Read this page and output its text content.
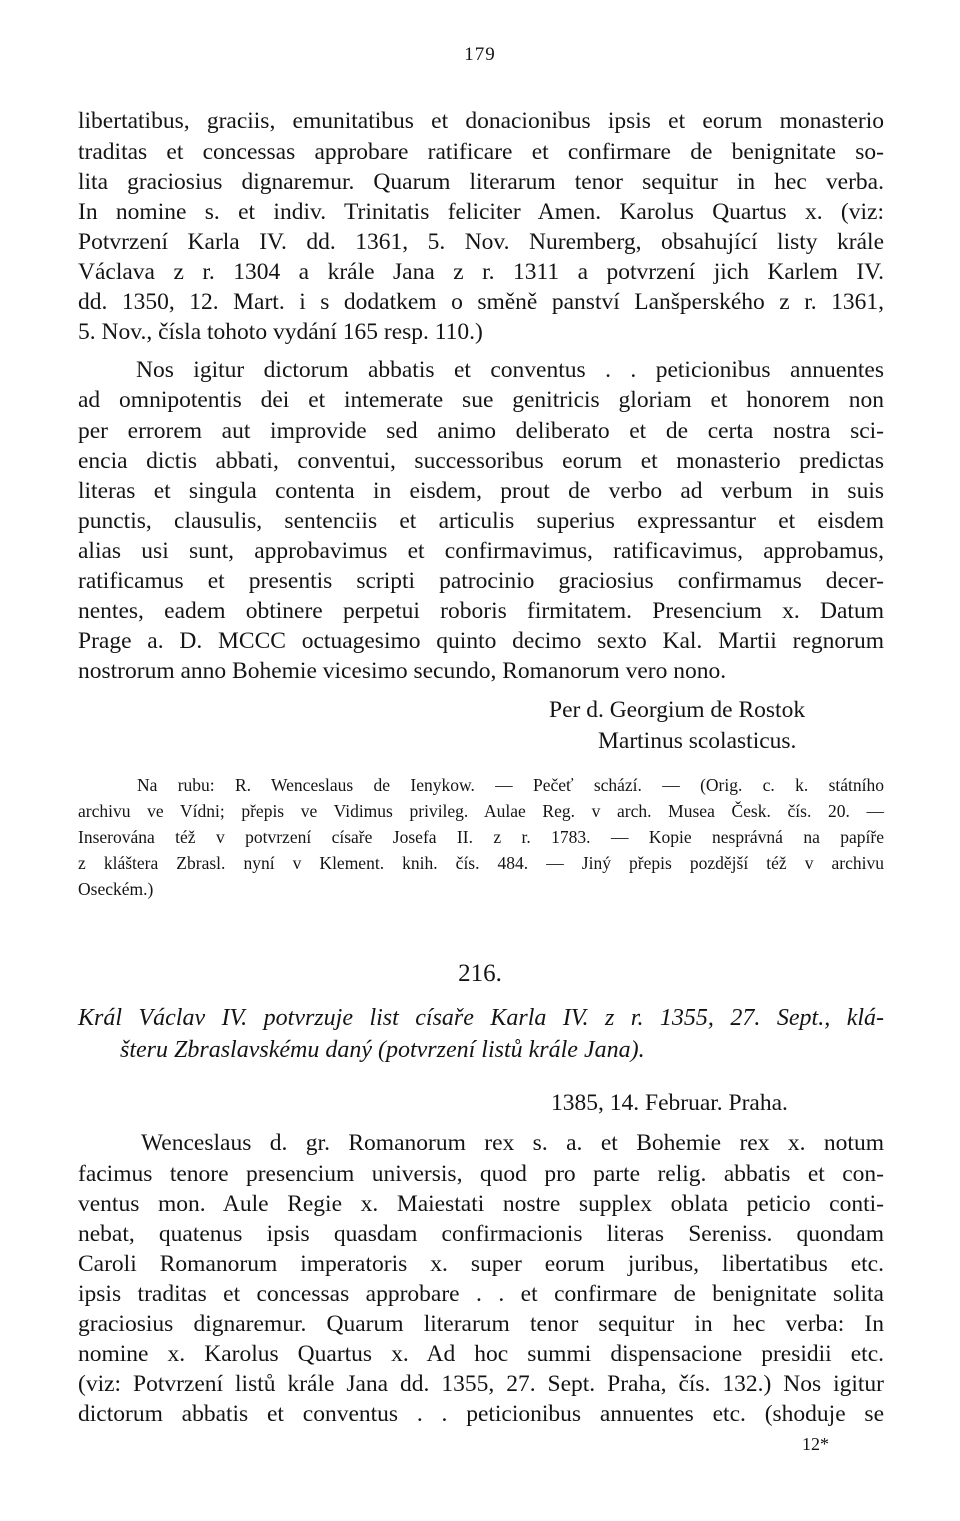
179
libertatibus, graciis, emunitatibus et donacionibus ipsis et eorum monasterio
traditas et concessas approbare ratificare et confirmare de benignitate so-
lita graciosius dignaremur. Quarum literarum tenor sequitur in hec verba.
In nomine s. et indiv. Trinitatis feliciter Amen. Karolus Quartus x. (viz:
Potvrzení Karla IV. dd. 1361, 5. Nov. Nuremberg, obsahující listy krále
Václava z r. 1304 a krále Jana z r. 1311 a potvrzení jich Karlem IV.
dd. 1350, 12. Mart. i s dodatkem o směně panství Lanšperského z r. 1361,
5. Nov., čísla tohoto vydání 165 resp. 110.)
Nos igitur dictorum abbatis et conventus . . peticionibus annuentes
ad omnipotentis dei et intemerate sue genitricis gloriam et honorem non
per errorem aut improvide sed animo deliberato et de certa nostra sci-
encia dictis abbati, conventui, successoribus eorum et monasterio predictas
literas et singula contenta in eisdem, prout de verbo ad verbum in suis
punctis, clausulis, sentenciis et articulis superius expressantur et eisdem
alias usi sunt, approbavimus et confirmavimus, ratificavimus, approbamus,
ratificamus et presentis scripti patrocinio graciosius confirmamus decer-
nentes, eadem obtinere perpetui roboris firmitatem. Presencium x. Datum
Prage a. D. MCCC octuagesimo quinto decimo sexto Kal. Martii regnorum
nostrorum anno Bohemie vicesimo secundo, Romanorum vero nono.
Per d. Georgium de Rostok
Martinus scolasticus.
Na rubu: R. Wenceslaus de Ienykow. — Pečeť schází. — (Orig. c. k. státního
archivu ve Vídni; přepis ve Vidimus privileg. Aulae Reg. v arch. Musea Česk. čís. 20. —
Inserována též v potvrzení císaře Josefa II. z r. 1783. — Kopie nesprávná na papíře
z kláštera Zbrasl. nyní v Klement. knih. čís. 484. — Jiný přepis pozdější též v archivu
Oseckém.)
216.
Král Václav IV. potvrzuje list císaře Karla IV. z r. 1355, 27. Sept., klá-
šteru Zbraslavskému daný (potvrzení listů krále Jana).
1385, 14. Februar. Praha.
Wenceslaus d. gr. Romanorum rex s. a. et Bohemie rex x. notum
facimus tenore presencium universis, quod pro parte relig. abbatis et con-
ventus mon. Aule Regie x. Maiestati nostre supplex oblata peticio conti-
nebat, quatenus ipsis quasdam confirmacionis literas Sereniss. quondam
Caroli Romanorum imperatoris x. super eorum juribus, libertatibus etc.
ipsis traditas et concessas approbare . . et confirmare de benignitate solita
graciosius dignaremur. Quarum literarum tenor sequitur in hec verba: In
nomine x. Karolus Quartus x. Ad hoc summi dispensacione presidii etc.
(viz: Potvrzení listů krále Jana dd. 1355, 27. Sept. Praha, čís. 132.) Nos igitur
dictorum abbatis et conventus . . peticionibus annuentes etc. (shoduje se
12*
